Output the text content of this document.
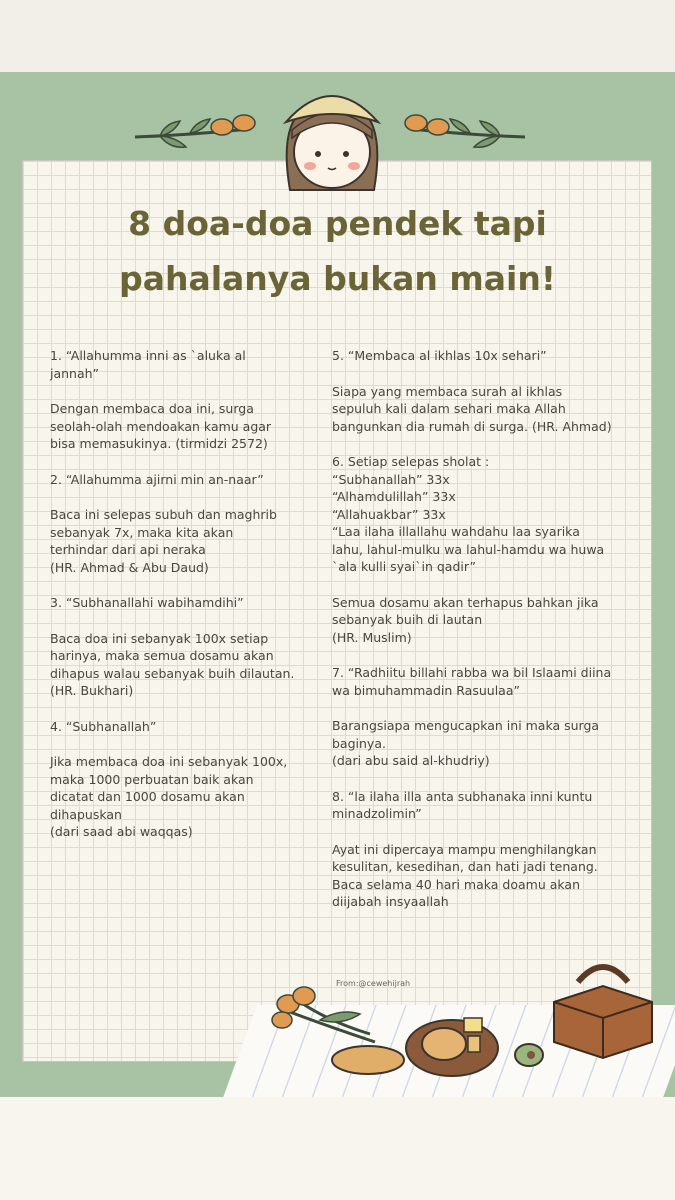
8 doa-doa pendek tapi
pahalanya bukan main!

1. “Allahumma inni as `aluka al
jannah”

Dengan membaca doa ini, surga
seolah-olah mendoakan kamu agar
bisa memasukinya. (tirmidzi 2572)

2. “Allahumma ajirni min an-naar”

Baca ini selepas subuh dan maghrib
sebanyak 7x, maka kita akan
terhindar dari api neraka
(HR. Ahmad & Abu Daud)

3. “Subhanallahi wabihamdihi”

Baca doa ini sebanyak 100x setiap
harinya, maka semua dosamu akan
dihapus walau sebanyak buih dilautan.
(HR. Bukhari)

4. “Subhanallah”

Jika membaca doa ini sebanyak 100x,
maka 1000 perbuatan baik akan
dicatat dan 1000 dosamu akan
dihapuskan
(dari saad abi waqqas)

5. “Membaca al ikhlas 10x sehari”

Siapa yang membaca surah al ikhlas
sepuluh kali dalam sehari maka Allah
bangunkan dia rumah di surga. (HR. Ahmad)

6. Setiap selepas sholat :
“Subhanallah” 33x
“Alhamdulillah” 33x
“Allahuakbar” 33x
“Laa ilaha illallahu wahdahu laa syarika
lahu, lahul-mulku wa lahul-hamdu wa huwa
`ala kulli syai`in qadir”

Semua dosamu akan terhapus bahkan jika
sebanyak buih di lautan
(HR. Muslim)

7. “Radhiitu billahi rabba wa bil Islaami diina
wa bimuhammadin Rasuulaa”

Barangsiapa mengucapkan ini maka surga
baginya.
(dari abu said al-khudriy)

8. “la ilaha illa anta subhanaka inni kuntu
minadzolimin”

Ayat ini dipercaya mampu menghilangkan
kesulitan, kesedihan, dan hati jadi tenang.
Baca selama 40 hari maka doamu akan
diijabah insyaallah

From:@cewehijrah
